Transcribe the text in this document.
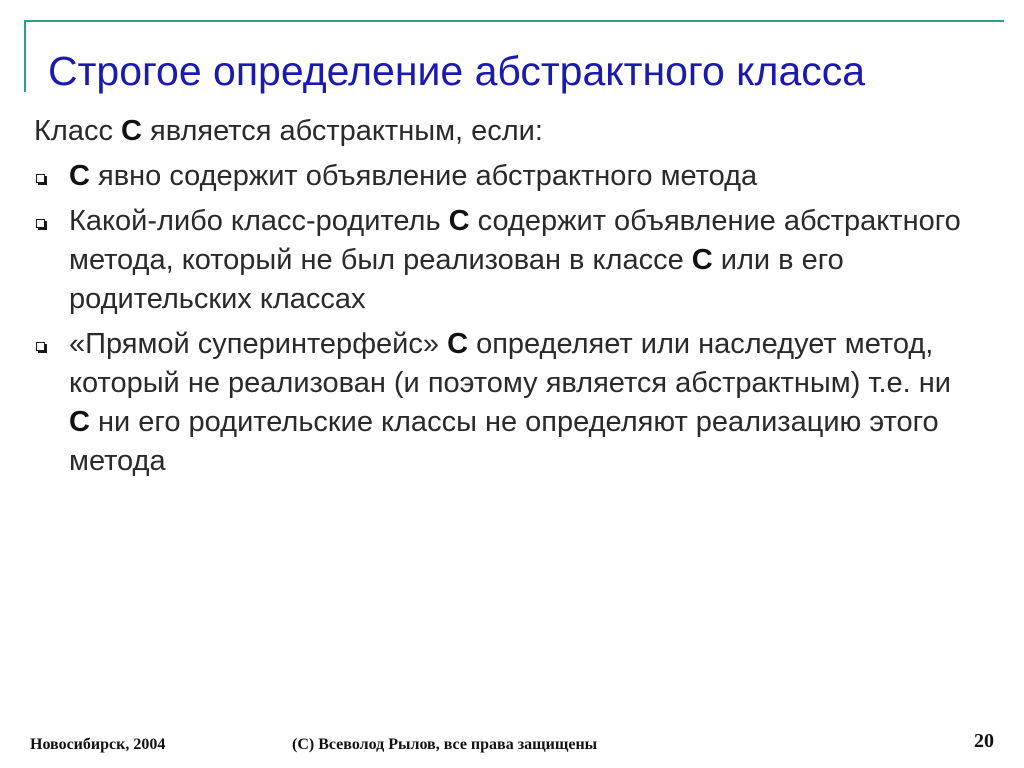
Строгое определение абстрактного класса

Класс C является абстрактным, если:

C явно содержит объявление абстрактного метода
Какой-либо класс-родитель C содержит объявление абстрактного метода, который не был реализован в классе C или в его родительских классах
«Прямой суперинтерфейс» C определяет или наследует метод, который не реализован (и поэтому является абстрактным) т.е. ни C ни его родительские классы не определяют реализацию этого метода
Новосибирск, 2004	(C) Всеволод Рылов, все права защищены	20
